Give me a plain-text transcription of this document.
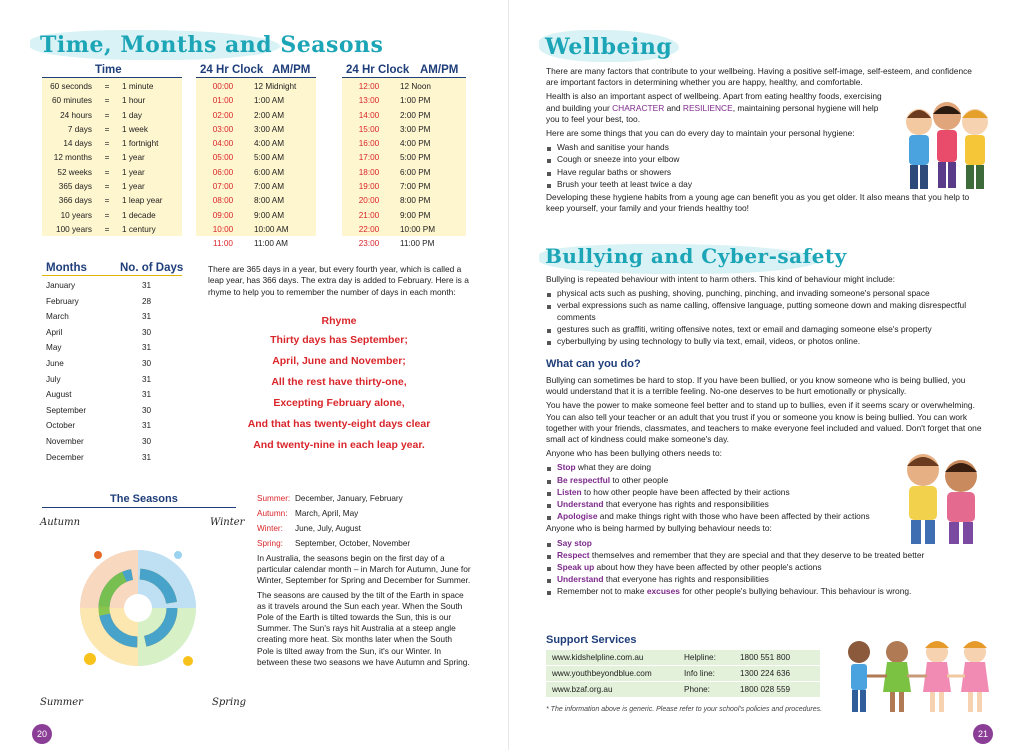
Time, Months and Seasons
60 seconds	=	1 minute
60 minutes	=	1 hour
24 hours	=	1 day
7 days	=	1 week
14 days	=	1 fortnight
12 months	=	1 year
52 weeks	=	1 year
365 days	=	1 year
366 days	=	1 leap year
10 years	=	1 decade
100 years	=	1 century
Time	24 Hr Clock AM/PM
00:00	12 Midnight
01:00	1:00 AM
02:00	2:00 AM
03:00	3:00 AM
04:00	4:00 AM
05:00	5:00 AM
06:00	6:00 AM
07:00	7:00 AM
08:00	8:00 AM
09:00	9:00 AM
10:00	10:00 AM
11:00	11:00 AM
24 Hr Clock AM/PM
12:00	12 Noon
13:00	1:00 PM
14:00	2:00 PM
15:00	3:00 PM
16:00	4:00 PM
17:00	5:00 PM
18:00	6:00 PM
19:00	7:00 PM
20:00	8:00 PM
21:00	9:00 PM
22:00	10:00 PM
23:00	11:00 PM
Months	No. of Days
January	31
February	28
March	31
April	30
May	31
June	30
July	31
August	31
September	30
October	31
November	30
December	31
There are 365 days in a year, but every fourth year, which is called a leap year, has 366 days. The extra day is added to February. Here is a rhyme to help you to remember the number of days in each month:
Rhyme
Thirty days has September;
April, June and November;
All the rest have thirty-one,
Excepting February alone,
And that has twenty-eight days clear
And twenty-nine in each leap year.
The Seasons
Autumn	Winter
Summer	Spring
Summer: December, January, February
Autumn: March, April, May
Winter:	June, July, August
Spring:	September, October, November
In Australia, the seasons begin on the first day of a particular calendar month – in March for Autumn, June for Winter, September for Spring and December for Summer.
The seasons are caused by the tilt of the Earth in space as it travels around the Sun each year. When the South Pole of the Earth is tilted towards the Sun, this is our Summer. The Sun's rays hit Australia at a steep angle creating more heat. Six months later when the South Pole is tilted away from the Sun, it's our Winter. In between these two seasons we have Autumn and Spring.
20
Wellbeing
There are many factors that contribute to your wellbeing. Having a positive self-image, self-esteem, and confidence are important factors in determining whether you are happy, healthy, and comfortable.
Health is also an important aspect of wellbeing. Apart from eating healthy foods, exercising and building your CHARACTER and RESILIENCE, maintaining personal hygiene will help you to feel your best, too.
Here are some things that you can do every day to maintain your personal hygiene:
Wash and sanitise your hands
Cough or sneeze into your elbow
Have regular baths or showers
Brush your teeth at least twice a day
Developing these hygiene habits from a young age can benefit you as you get older. It also means that you help to keep yourself, your family and your friends healthy too!
Bullying and Cyber-safety
Bullying is repeated behaviour with intent to harm others. This kind of behaviour might include:
physical acts such as pushing, shoving, punching, pinching, and invading someone's personal space
verbal expressions such as name calling, offensive language, putting someone down and making disrespectful comments
gestures such as graffiti, writing offensive notes, text or email and damaging someone else's property
cyberbullying by using technology to bully via text, email, videos, or photos online.
What can you do?
Bullying can sometimes be hard to stop. If you have been bullied, or you know someone who is being bullied, you would understand that it is a terrible feeling. No-one deserves to be hurt emotionally or physically.
You have the power to make someone feel better and to stand up to bullies, even if it seems scary or overwhelming. You can also tell your teacher or an adult that you trust if you or someone you know is being bullied. You can work together with your friends, classmates, and teachers to make everyone feel included and valued. Don't forget that one small act of kindness could make someone's day.
Anyone who has been bullying others needs to:
Stop what they are doing
Be respectful to other people
Listen to how other people have been affected by their actions
Understand that everyone has rights and responsibilities
Apologise and make things right with those who have been affected by their actions
Anyone who is being harmed by bullying behaviour needs to:
Say stop
Respect themselves and remember that they are special and that they deserve to be treated better
Speak up about how they have been affected by other people's actions
Understand that everyone has rights and responsibilities
Remember not to make excuses for other people's bullying behaviour. This behaviour is wrong.
Support Services
www.kidshelpline.com.au	Helpline:	1800 551 800
www.youthbeyondblue.com	Info line:	1300 224 636
www.bzaf.org.au	Phone:	1800 028 559
* The information above is generic. Please refer to your school's policies and procedures.
21
